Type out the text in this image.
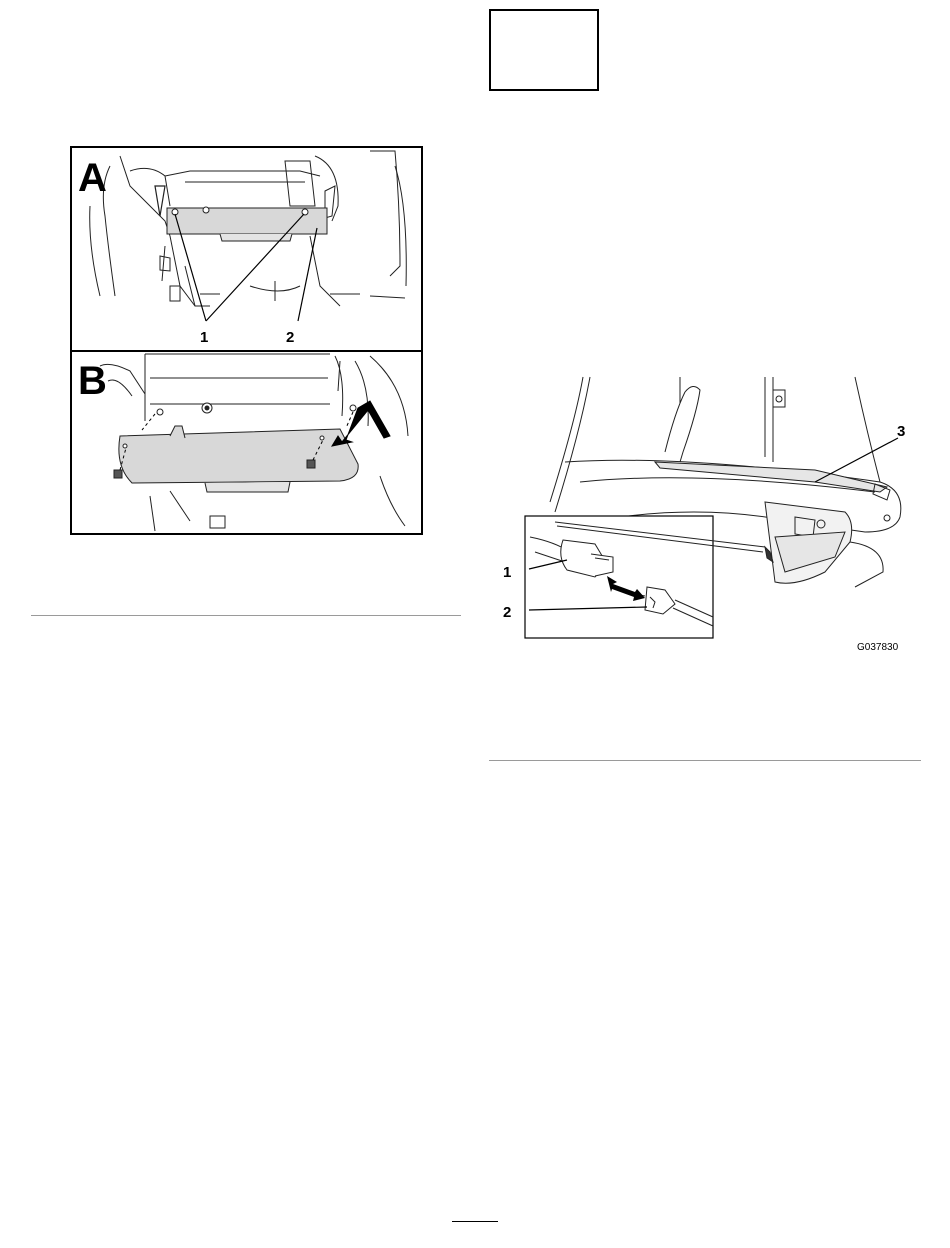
A
1	2
B
3
1
2
G037830
